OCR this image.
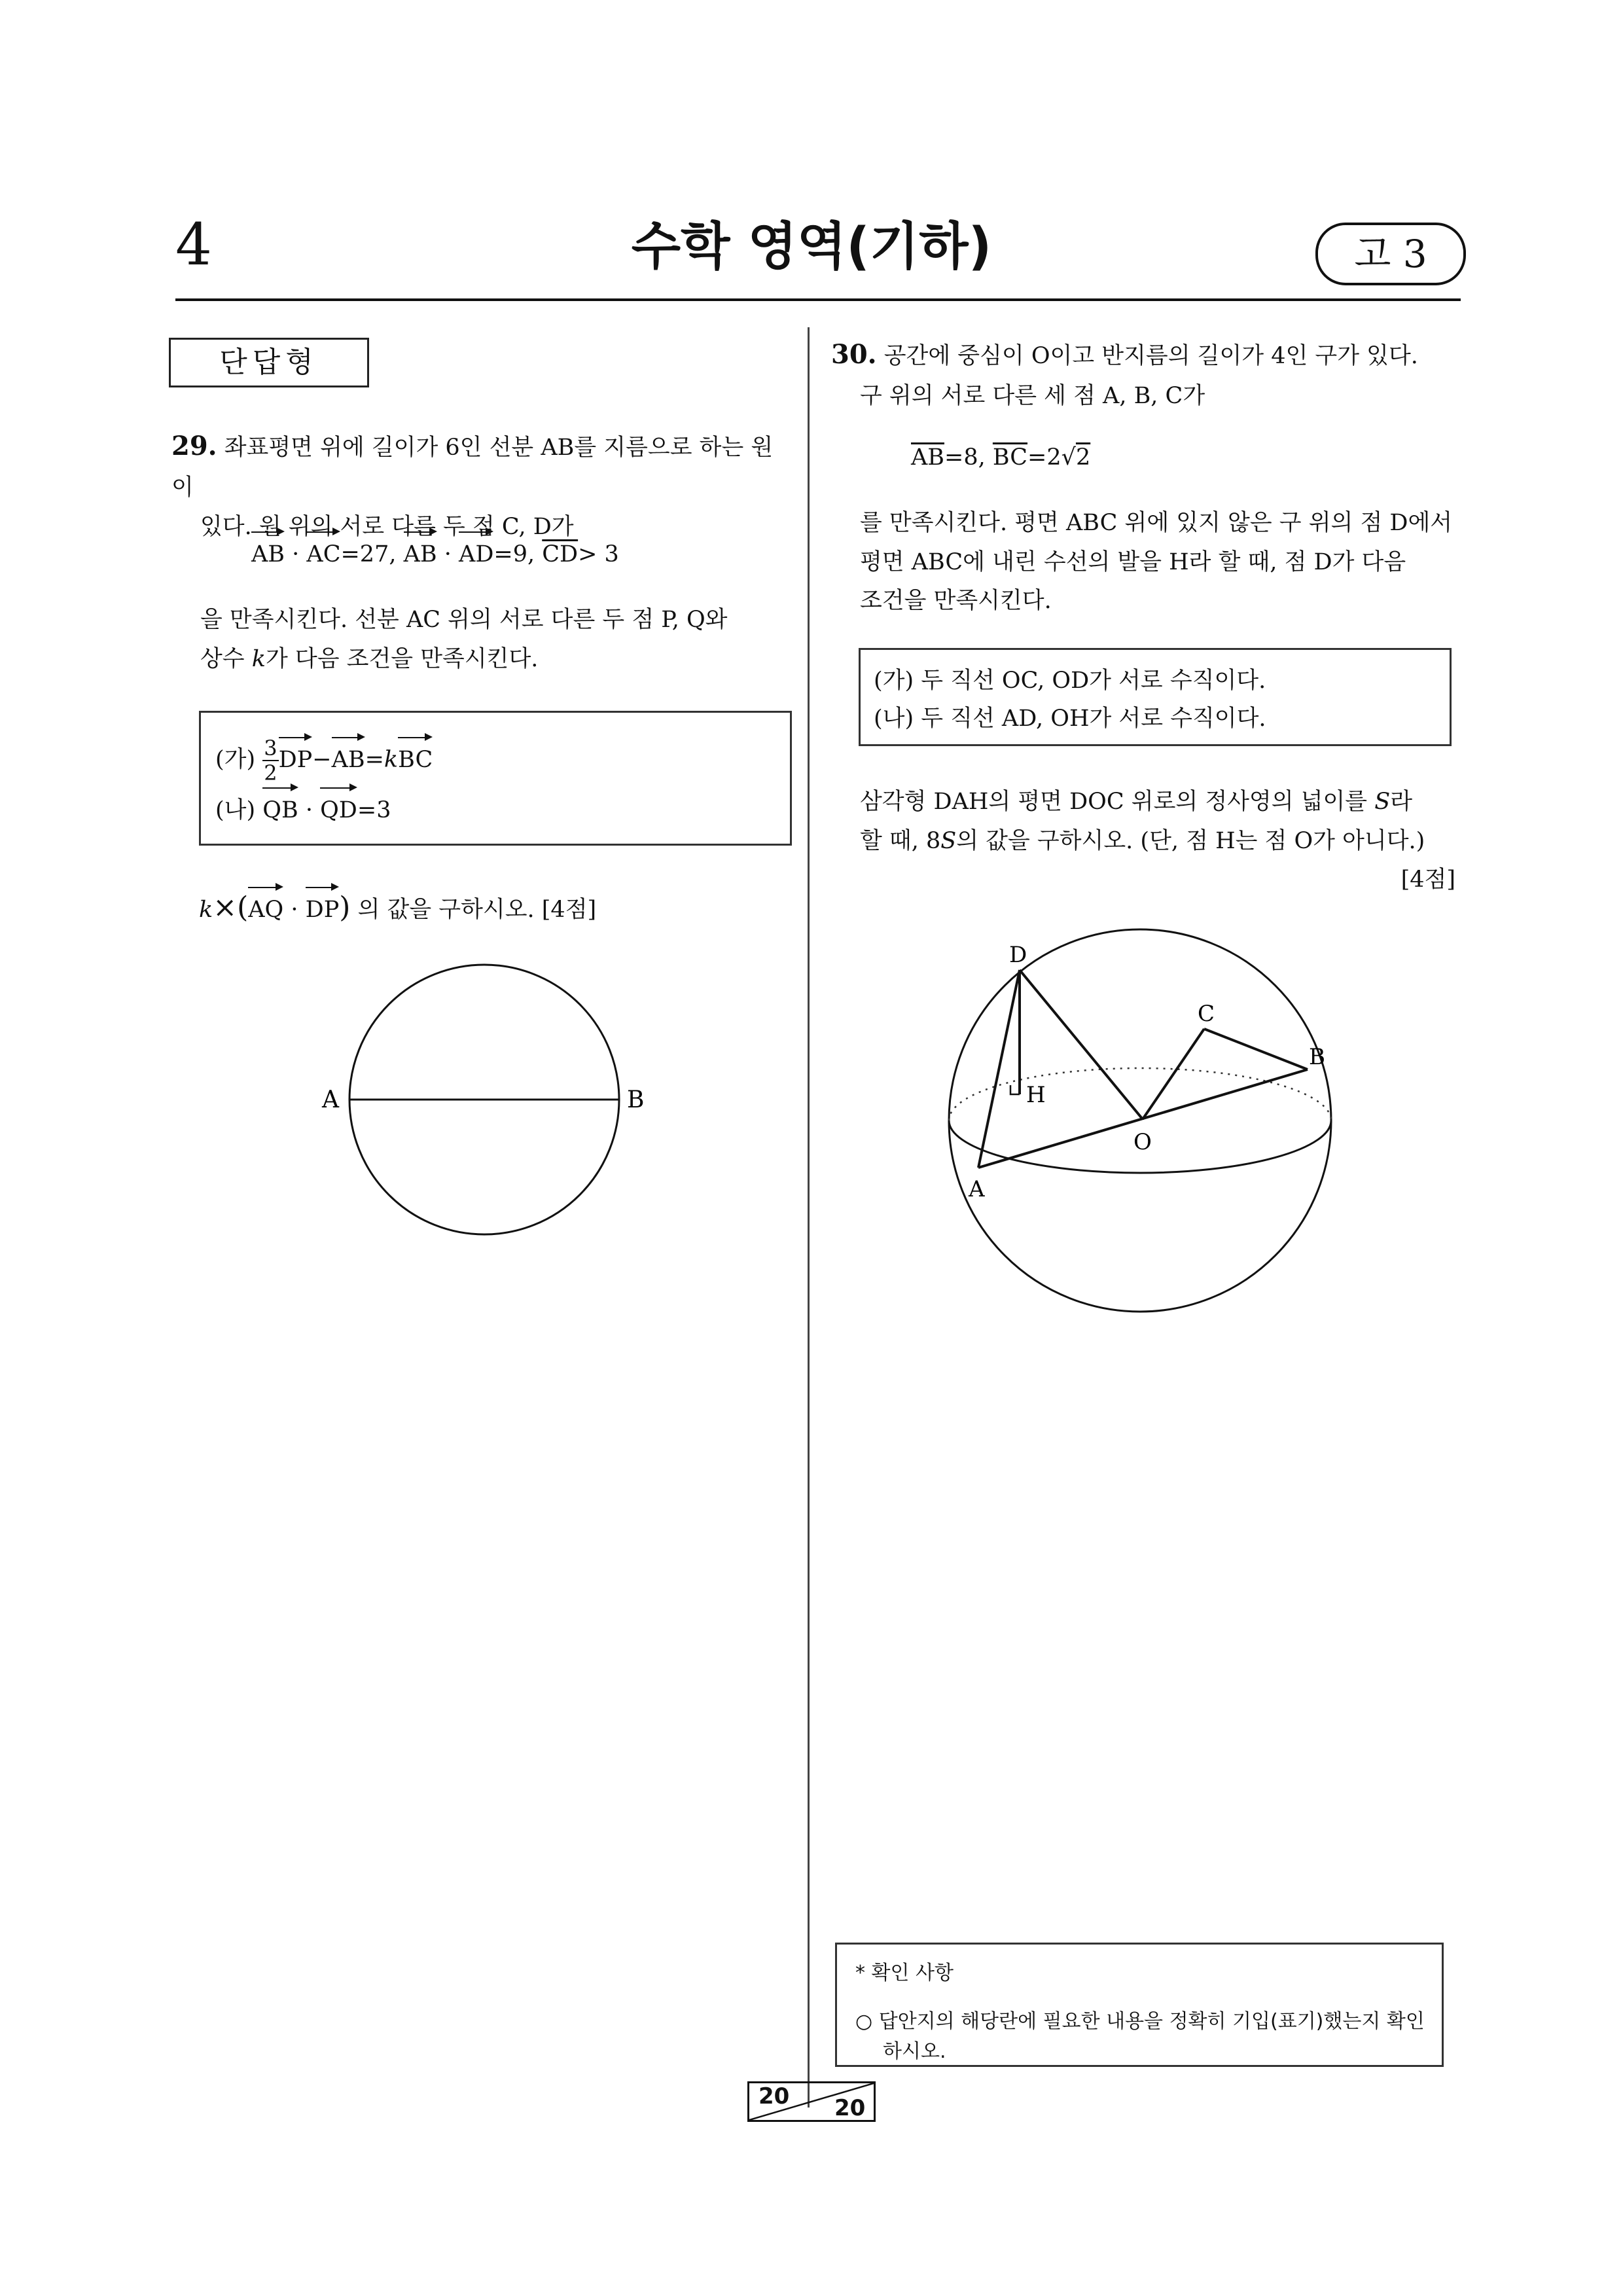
4	수학 영역(기하)	고 3
단답형
29. 좌표평면 위에 길이가 6인 선분 AB를 지름으로 하는 원이
있다. 원 위의 서로 다른 두 점 C, D가
AB · AC=27, AB · AD=9, $\overline{CD}> 3$
을 만족시킨다. 선분 AC 위의 서로 다른 두 점 P, Q와
상수 k가 다음 조건을 만족시킨다.
(가) $\frac{3}{2} DP-AB=kBC$
(나) QB · QD=3
k×(AQ · DP) 의 값을 구하시오. [4점]
A	B
30. 공간에 중심이 O이고 반지름의 길이가 4인 구가 있다.
구 위의 서로 다른 세 점 A, B, C가
$\overline{AB}=8$, $\overline{BC}=2√2$
를 만족시킨다. 평면 ABC 위에 있지 않은 구 위의 점 D에서
평면 ABC에 내린 수선의 발을 H라 할 때, 점 D가 다음
조건을 만족시킨다.
(가) 두 직선 OC, OD가 서로 수직이다.
(나) 두 직선 AD, OH가 서로 수직이다.
삼각형 DAH의 평면 DOC 위로의 정사영의 넓이를 S라
할 때, 8S의 값을 구하시오. (단, 점 H는 점 O가 아니다.)
[4점]
D
C
B
H
O
A
* 확인 사항
○ 답안지의 해당란에 필요한 내용을 정확히 기입(표기)했는지 확인
하시오.
20 20
